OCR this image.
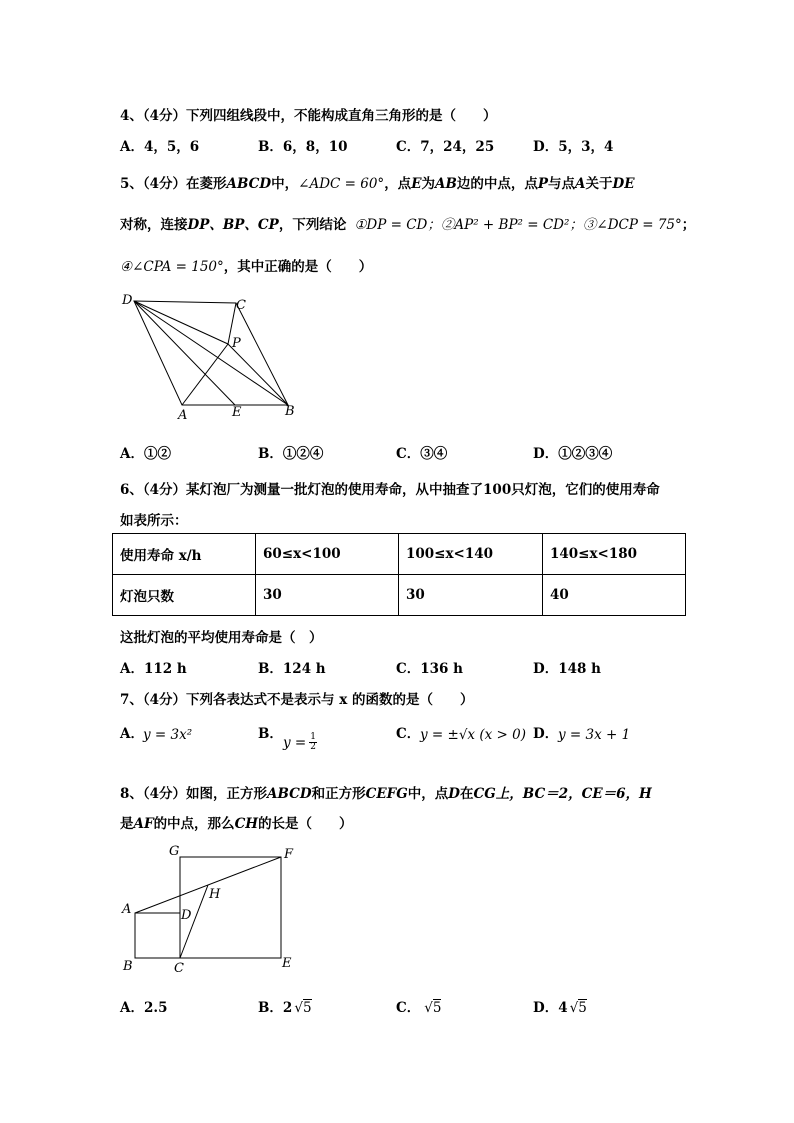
4、（4分）下列四组线段中，不能构成直角三角形的是（　　）
A．4，5，6	B．6，8，10	C．7，24，25	D．5，3，4
5、（4分）在菱形 ABCD 中， ∠ADC = 60° ，点 E 为 AB 边的中点，点 P 与点 A 关于 DE
对称，连接 DP、BP、CP ，下列结论 ①DP = CD ；②AP² + BP² = CD² ；③∠DCP = 75° ；
④∠CPA = 150° ，其中正确的是（　　）
D	C
P
A	E	B
A．①②	B．①②④	C．③④	D．①②③④
6、（4分）某灯泡厂为测量一批灯泡的使用寿命，从中抽查了100只灯泡，它们的使用寿命
如表所示：
使用寿命 x/h	60≤x<100	100≤x<140	140≤x<180
灯泡只数	30	30	40
这批灯泡的平均使用寿命是（　）
A．112 h	B．124 h	C．136 h	D．148 h
7、（4分）下列各表达式不是表示与 x 的函数的是（　　）
A． y = 3x²	B．
$y = \frac{1}{2}$	C． y = ±√x (x > 0) D． y = 3x + 1
8、（4分）如图，正方形 ABCD 和正方形 CEFG 中，点 D 在 CG 上，BC＝2，CE＝6，H
是 AF 的中点，那么 CH 的长是（　　）
G	F
H
A	D
B	C	E
A． 2.5	B． 2 √ 5	C． √ 5	D． 4 √ 5
